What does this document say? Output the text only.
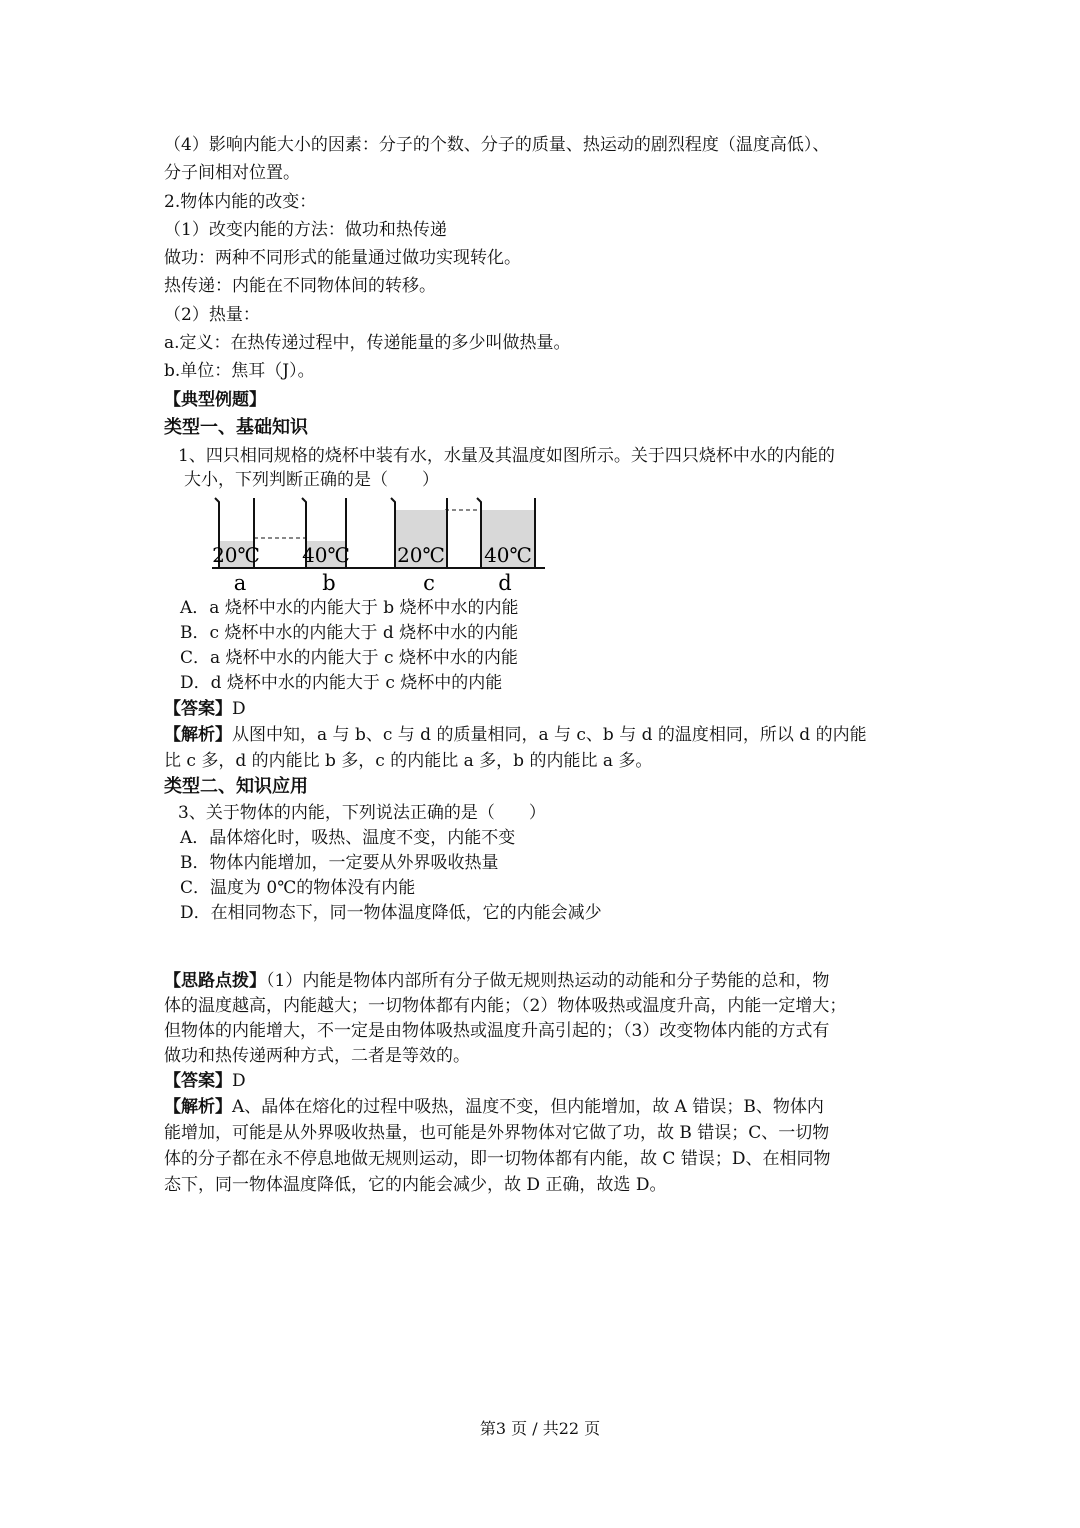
（4）影响内能大小的因素：分子的个数、分子的质量、热运动的剧烈程度（温度高低）、
分子间相对位置。
2.物体内能的改变：
（1）改变内能的方法：做功和热传递
做功：两种不同形式的能量通过做功实现转化。
热传递：内能在不同物体间的转移。
（2）热量：
a.定义：在热传递过程中，传递能量的多少叫做热量。
b.单位：焦耳（J）。
【典型例题】
类型一、基础知识
1、四只相同规格的烧杯中装有水，水量及其温度如图所示。关于四只烧杯中水的内能的
大小，下列判断正确的是（　　）
20℃
a
40℃
b
20℃
c
40℃
d
A．a 烧杯中水的内能大于 b 烧杯中水的内能
B．c 烧杯中水的内能大于 d 烧杯中水的内能
C．a 烧杯中水的内能大于 c 烧杯中水的内能
D．d 烧杯中水的内能大于 c 烧杯中的内能
【答案】D
【解析】从图中知，a 与 b、c 与 d 的质量相同，a 与 c、b 与 d 的温度相同，所以 d 的内能
比 c 多，d 的内能比 b 多，c 的内能比 a 多，b 的内能比 a 多。
类型二、知识应用
3、关于物体的内能，下列说法正确的是（　　）
A．晶体熔化时，吸热、温度不变，内能不变
B．物体内能增加，一定要从外界吸收热量
C．温度为 0℃的物体没有内能
D．在相同物态下，同一物体温度降低，它的内能会减少
【思路点拨】（1）内能是物体内部所有分子做无规则热运动的动能和分子势能的总和，物
体的温度越高，内能越大；一切物体都有内能；（2）物体吸热或温度升高，内能一定增大；
但物体的内能增大，不一定是由物体吸热或温度升高引起的；（3）改变物体内能的方式有
做功和热传递两种方式，二者是等效的。
【答案】D
【解析】A、晶体在熔化的过程中吸热，温度不变，但内能增加，故 A 错误；B、物体内
能增加，可能是从外界吸收热量，也可能是外界物体对它做了功，故 B 错误；C、一切物
体的分子都在永不停息地做无规则运动，即一切物体都有内能，故 C 错误；D、在相同物
态下，同一物体温度降低，它的内能会减少，故 D 正确，故选 D。
第3 页 / 共22 页
